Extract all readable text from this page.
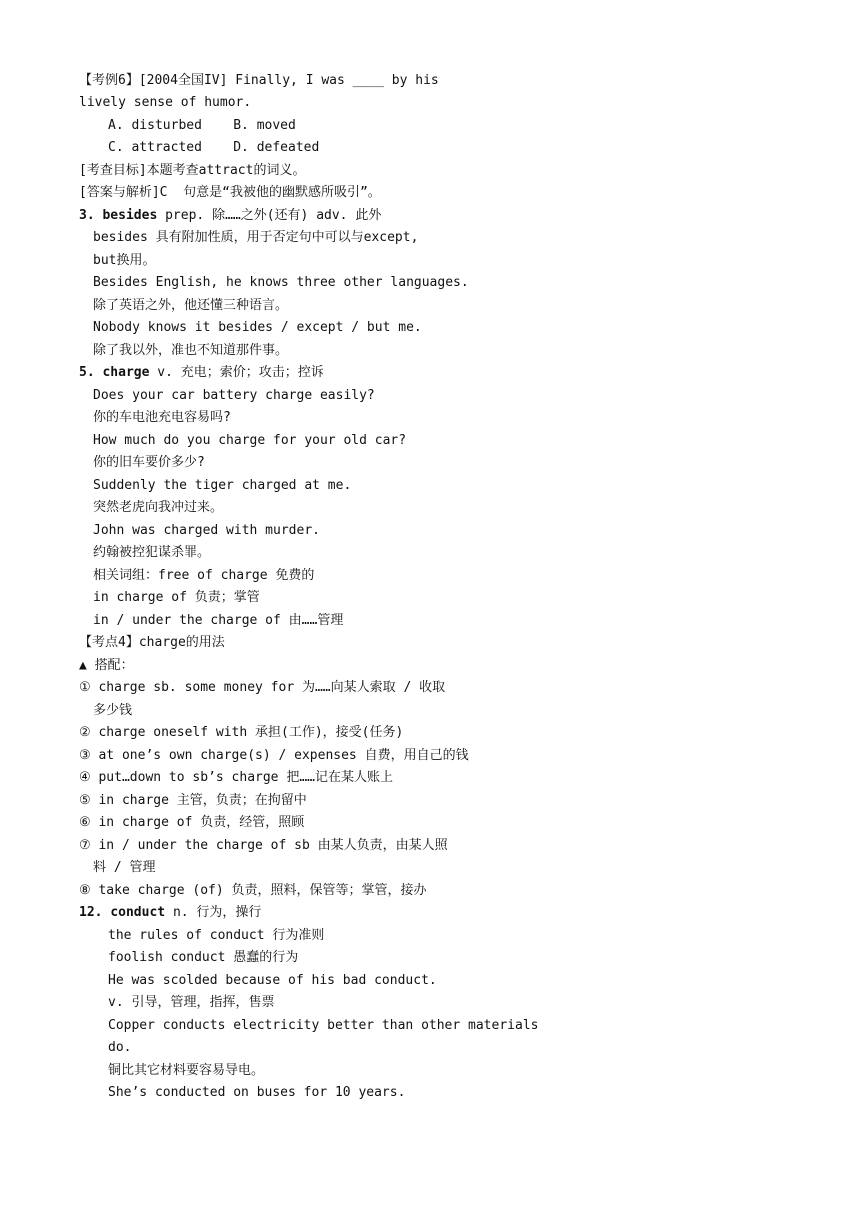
【考例6】[2004全国IV] Finally, I was ____ by his
lively sense of humor.
A. disturbed    B. moved
C. attracted    D. defeated
[考查目标]本题考查attract的词义。
[答案与解析]C  句意是“我被他的幽默感所吸引”。
3. besides prep. 除……之外(还有) adv. 此外
besides 具有附加性质，用于否定句中可以与except,
but换用。
Besides English, he knows three other languages.
除了英语之外，他还懂三种语言。
Nobody knows it besides / except / but me.
除了我以外，准也不知道那件事。
5. charge v. 充电；索价；攻击；控诉
Does your car battery charge easily?
你的车电池充电容易吗?
How much do you charge for your old car?
你的旧车要价多少?
Suddenly the tiger charged at me.
突然老虎向我冲过来。
John was charged with murder.
约翰被控犯谋杀罪。
相关词组：free of charge 免费的
in charge of 负责；掌管
in / under the charge of 由……管理
【考点4】charge的用法
▲ 搭配：
① charge sb. some money for 为……向某人索取 / 收取
多少钱
② charge oneself with 承担(工作)，接受(任务)
③ at one’s own charge(s) / expenses 自费，用自己的钱
④ put…down to sb’s charge 把……记在某人账上
⑤ in charge 主管，负责；在拘留中
⑥ in charge of 负责，经管，照顾
⑦ in / under the charge of sb 由某人负责，由某人照
料 / 管理
⑧ take charge (of) 负责，照料，保管等；掌管，接办
12. conduct n. 行为，操行
the rules of conduct 行为准则
foolish conduct 愚蠢的行为
He was scolded because of his bad conduct.
v. 引导，管理，指挥，售票
Copper conducts electricity better than other materials
do.
铜比其它材料要容易导电。
She’s conducted on buses for 10 years.
